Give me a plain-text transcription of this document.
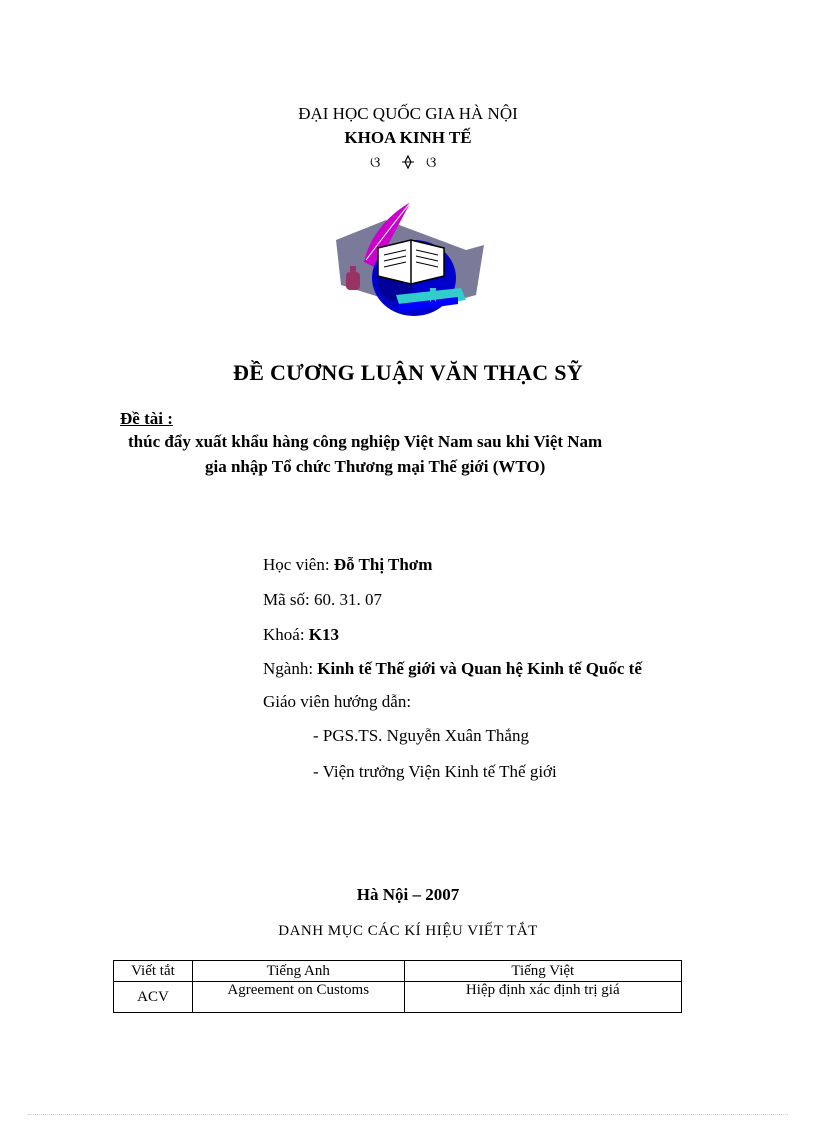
ĐẠI HỌC QUỐC GIA HÀ NỘI
KHOA KINH TẾ
ଓ	ଓ
ĐỀ CƯƠNG LUẬN VĂN THẠC SỸ
Đề tài :
thúc đẩy xuất khẩu hàng công nghiệp Việt Nam sau khi Việt Nam
gia nhập Tổ chức Thương mại Thế giới (WTO)
Học viên: Đỗ Thị Thơm
Mã số: 60. 31. 07
Khoá: K13
Ngành: Kinh tế Thế giới và Quan hệ Kinh tế Quốc tế
Giáo viên hướng dẫn:
- PGS.TS. Nguyễn Xuân Thắng
- Viện trưởng Viện Kinh tế Thế giới
Hà Nội – 2007
DANH MỤC CÁC KÍ HIỆU VIẾT TẮT
Viết tắt	Tiếng Anh	Tiếng Việt
ACV	Agreement on Customs	Hiệp định xác định trị giá
